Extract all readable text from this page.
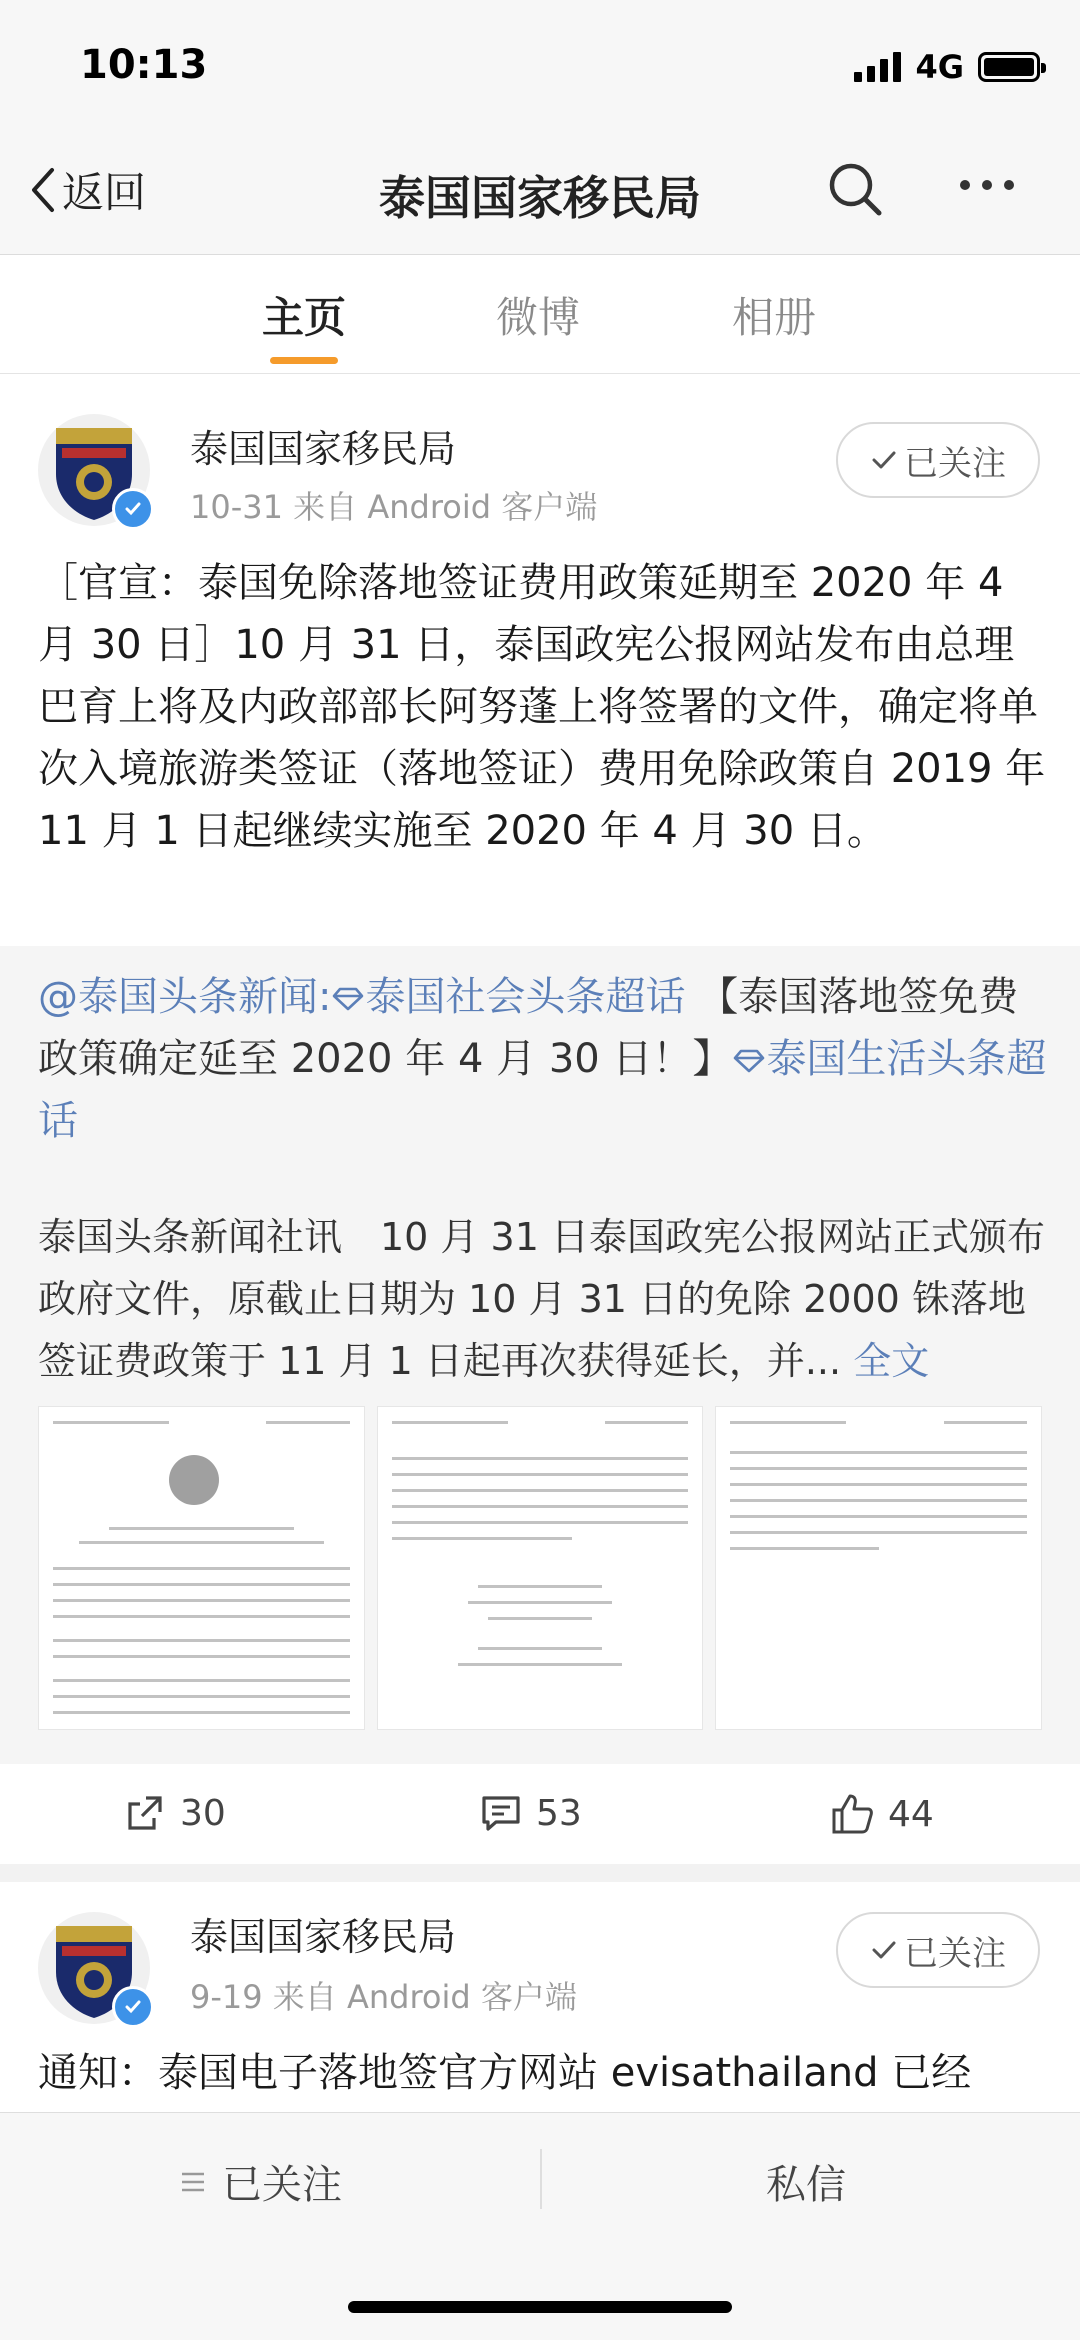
10:13	4G
返回	泰国国家移民局
主页	微博	相册
泰国国家移民局
10-31 来自 Android 客户端
已关注
［官宣：泰国免除落地签证费用政策延期至 2020 年 4 月 30 日］10 月 31 日，泰国政宪公报网站发布由总理巴育上将及内政部部长阿努蓬上将签署的文件，确定将单次入境旅游类签证（落地签证）费用免除政策自 2019 年 11 月 1 日起继续实施至 2020 年 4 月 30 日。
@泰国头条新闻: 泰国社会头条超话 【泰国落地签免费政策确定延至 2020 年 4 月 30 日！】 泰国生活头条超话
泰国头条新闻社讯　10 月 31 日泰国政宪公报网站正式颁布政府文件，原截止日期为 10 月 31 日的免除 2000 铢落地签证费政策于 11 月 1 日起再次获得延长，并... 全文
30	53	44
泰国国家移民局
9-19 来自 Android 客户端
已关注
通知：泰国电子落地签官方网站 evisathailand 已经
已关注	私信
